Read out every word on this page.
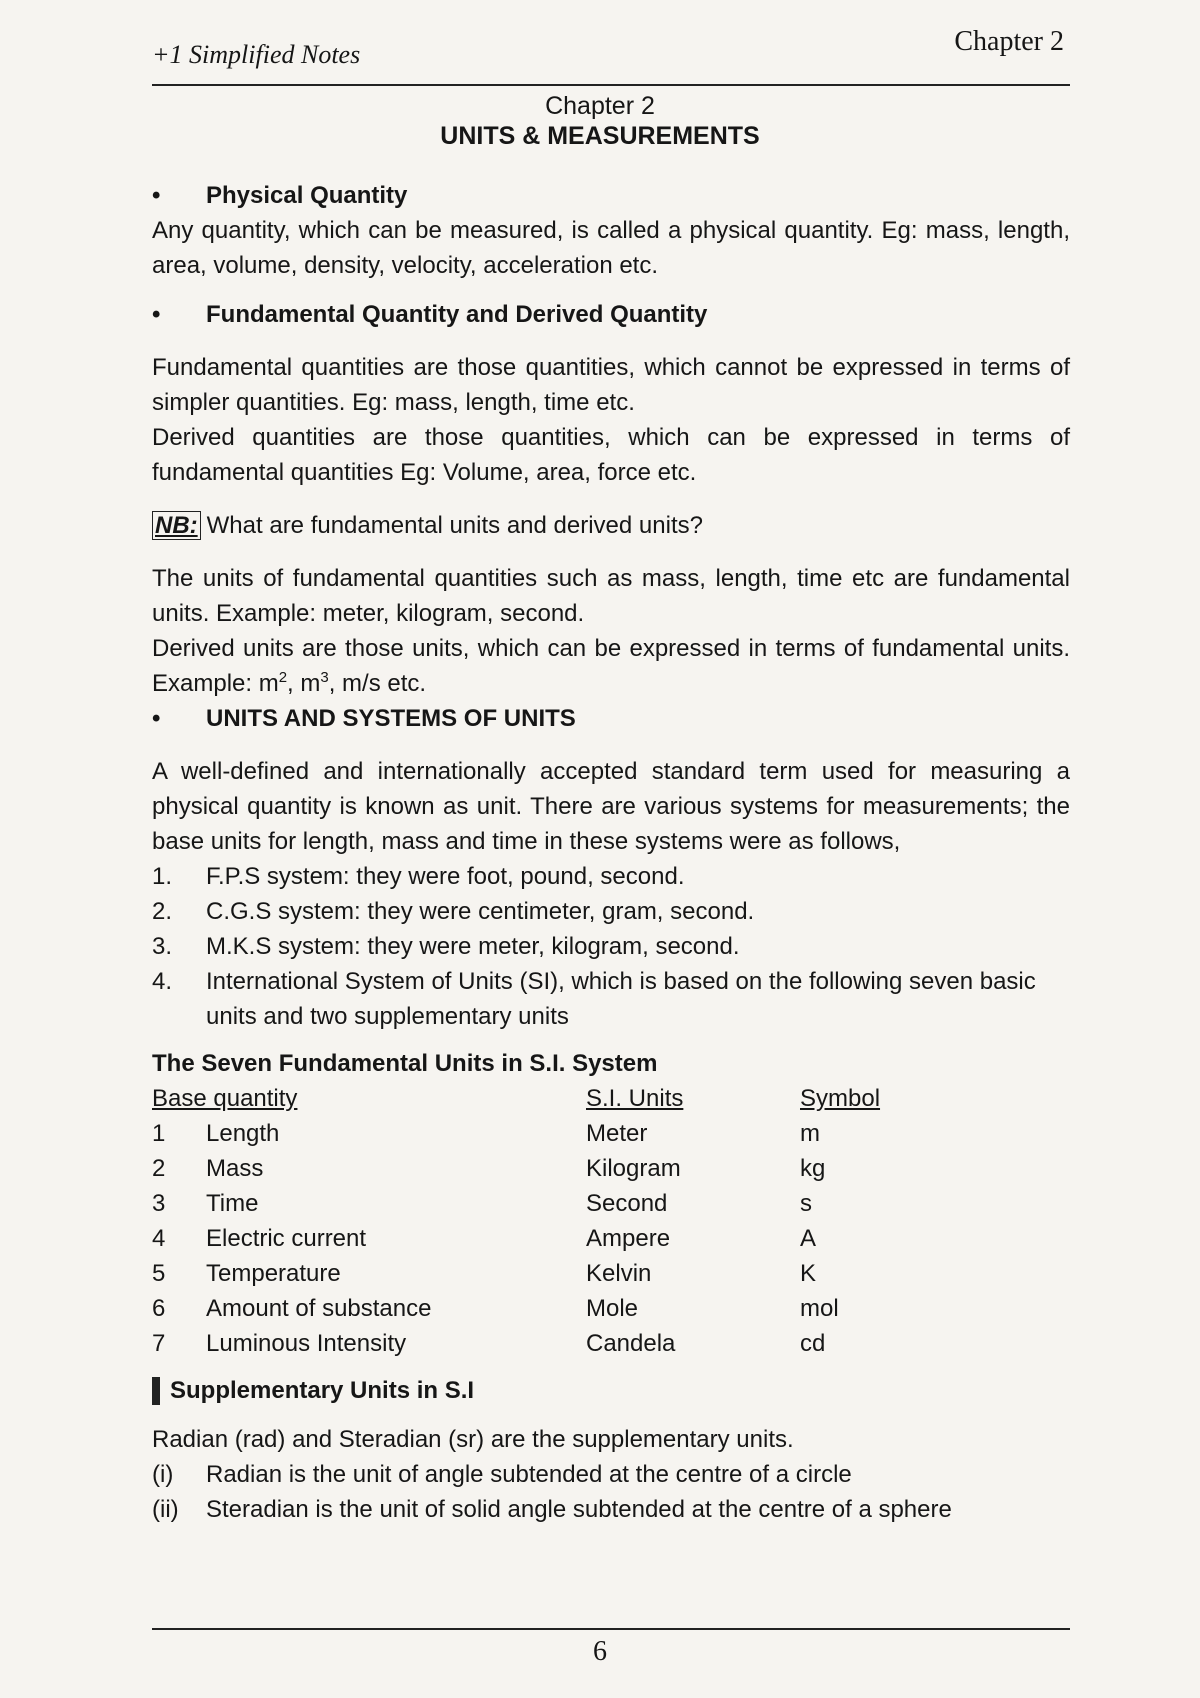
+1 Simplified Notes	Chapter 2
Chapter 2
UNITS & MEASUREMENTS
•	Physical Quantity

Any quantity, which can be measured, is called a physical quantity. Eg: mass, length, area, volume, density, velocity, acceleration etc.

•	Fundamental Quantity and Derived Quantity

Fundamental quantities are those quantities, which cannot be expressed in terms of simpler quantities. Eg: mass, length, time etc.

Derived quantities are those quantities, which can be expressed in terms of fundamental quantities Eg: Volume, area, force etc.

NB: What are fundamental units and derived units?

The units of fundamental quantities such as mass, length, time etc are fundamental units. Example: meter, kilogram, second.

Derived units are those units, which can be expressed in terms of fundamental units. Example: $m^2$, $m^3$, m/s etc.

•	UNITS AND SYSTEMS OF UNITS

A well-defined and internationally accepted standard term used for measuring a physical quantity is known as unit. There are various systems for measurements; the base units for length, mass and time in these systems were as follows,

1.	F.P.S system: they were foot, pound, second.
2.	C.G.S system: they were centimeter, gram, second.
3.	M.K.S system: they were meter, kilogram, second.
4.	International System of Units (SI), which is based on the following seven basic units and two supplementary units
The Seven Fundamental Units in S.I. System
Base quantity		S.I. Units	Symbol
1	Length	Meter	m
2	Mass	Kilogram	kg
3	Time	Second	s
4	Electric current	Ampere	A
5	Temperature	Kelvin	K
6	Amount of substance	Mole	mol
7	Luminous Intensity	Candela	cd
Supplementary Units in S.I

Radian (rad) and Steradian (sr) are the supplementary units.

(i)	Radian is the unit of angle subtended at the centre of a circle
(ii)	Steradian is the unit of solid angle subtended at the centre of a sphere
6
